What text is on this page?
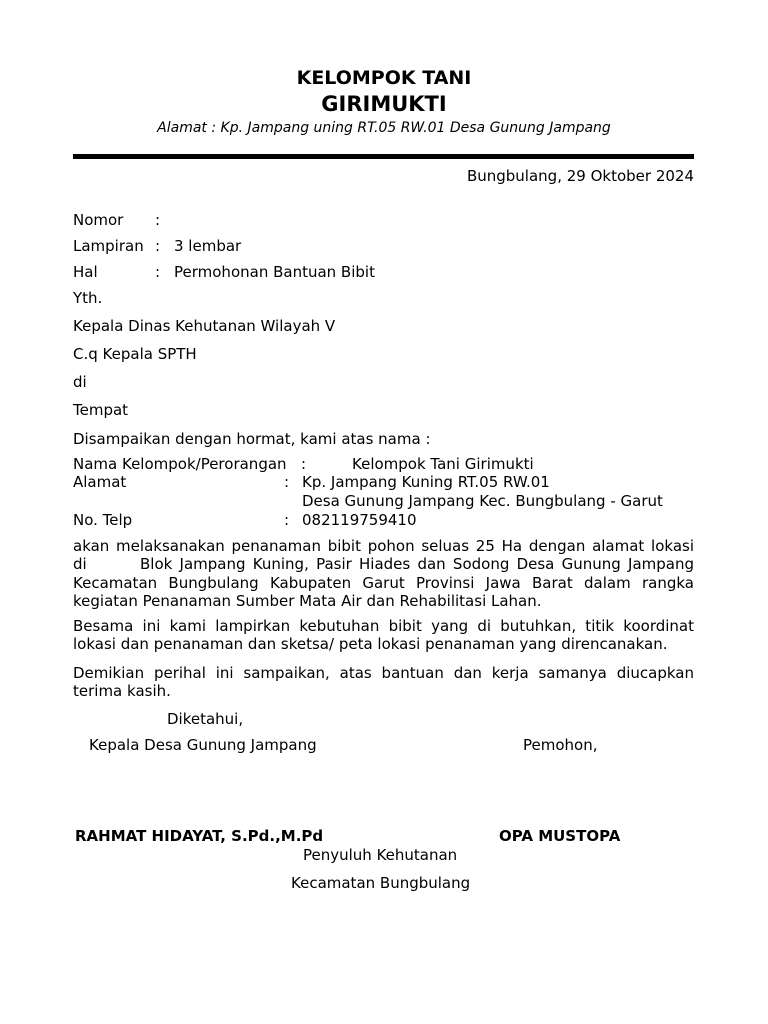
KELOMPOK TANI
GIRIMUKTI
Alamat : Kp. Jampang uning RT.05 RW.01 Desa Gunung Jampang
Bungbulang, 29 Oktober 2024
Nomor :
Lampiran : 3 lembar
Hal	: Permohonan Bantuan Bibit
Yth.
Kepala Dinas Kehutanan Wilayah V
C.q Kepala SPTH
di
Tempat
Disampaikan dengan hormat, kami atas nama :
Nama Kelompok/Perorangan :	Kelompok Tani Girimukti
Alamat	: Kp. Jampang Kuning RT.05 RW.01
Desa Gunung Jampang Kec. Bungbulang - Garut
No. Telp	: 082119759410
akan melaksanakan penanaman bibit pohon seluas 25 Ha dengan alamat lokasi
di	Blok Jampang Kuning, Pasir Hiades dan Sodong Desa Gunung Jampang
Kecamatan Bungbulang Kabupaten Garut Provinsi Jawa Barat dalam rangka kegiatan Penanaman Sumber Mata Air dan Rehabilitasi Lahan.
Besama ini kami lampirkan kebutuhan bibit yang di butuhkan, titik koordinat lokasi dan penanaman dan sketsa/ peta lokasi penanaman yang direncanakan.
Demikian perihal ini sampaikan, atas bantuan dan kerja samanya diucapkan terima kasih.
Diketahui,
Kepala Desa Gunung Jampang	Pemohon,
RAHMAT HIDAYAT, S.Pd.,M.Pd	OPA MUSTOPA
Penyuluh Kehutanan
Kecamatan Bungbulang
